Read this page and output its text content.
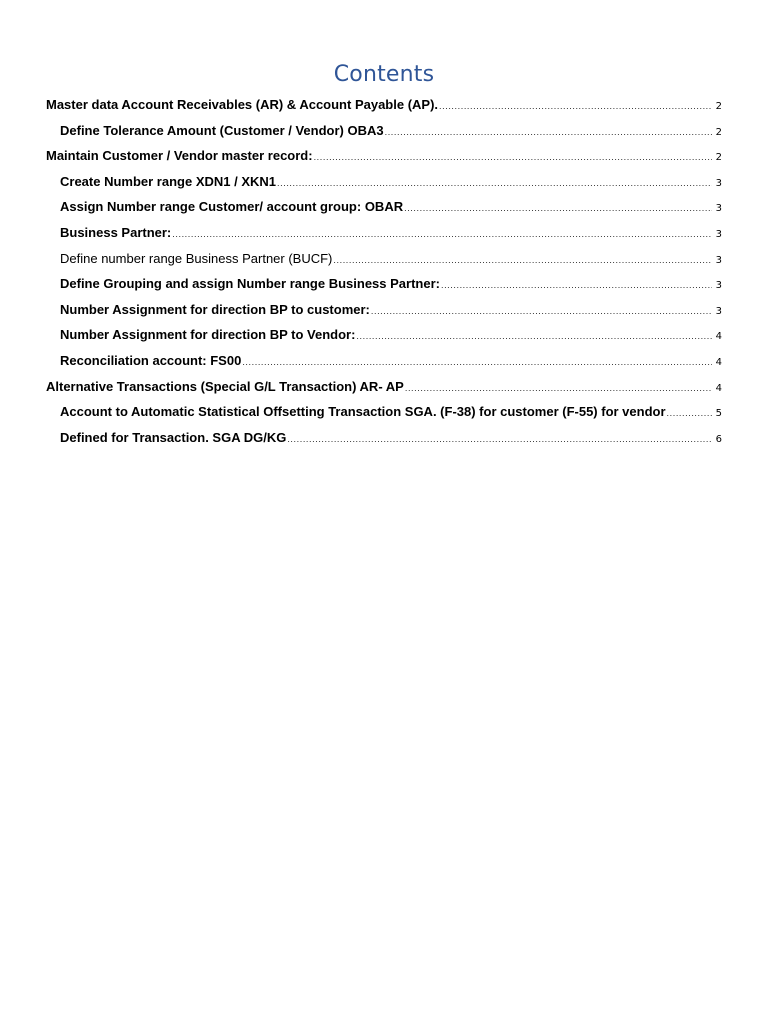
Contents
Master data Account Receivables (AR) & Account Payable (AP). .....	2
Define Tolerance Amount (Customer / Vendor) OBA3 .....	2
Maintain Customer / Vendor master record: .....	2
Create Number range XDN1 / XKN1 .....	3
Assign Number range Customer/ account group: OBAR .....	3
Business Partner: .....	3
Define number range Business Partner (BUCF) .....	3
Define Grouping and assign Number range Business Partner: .....	3
Number Assignment for direction BP to customer: .....	3
Number Assignment for direction BP to Vendor: .....	4
Reconciliation account: FS00 .....	4
Alternative Transactions (Special G/L Transaction) AR- AP .....	4
Account to Automatic Statistical Offsetting Transaction SGA. (F-38) for customer (F-55) for vendor .....	5
Defined for Transaction. SGA DG/KG .....	6
